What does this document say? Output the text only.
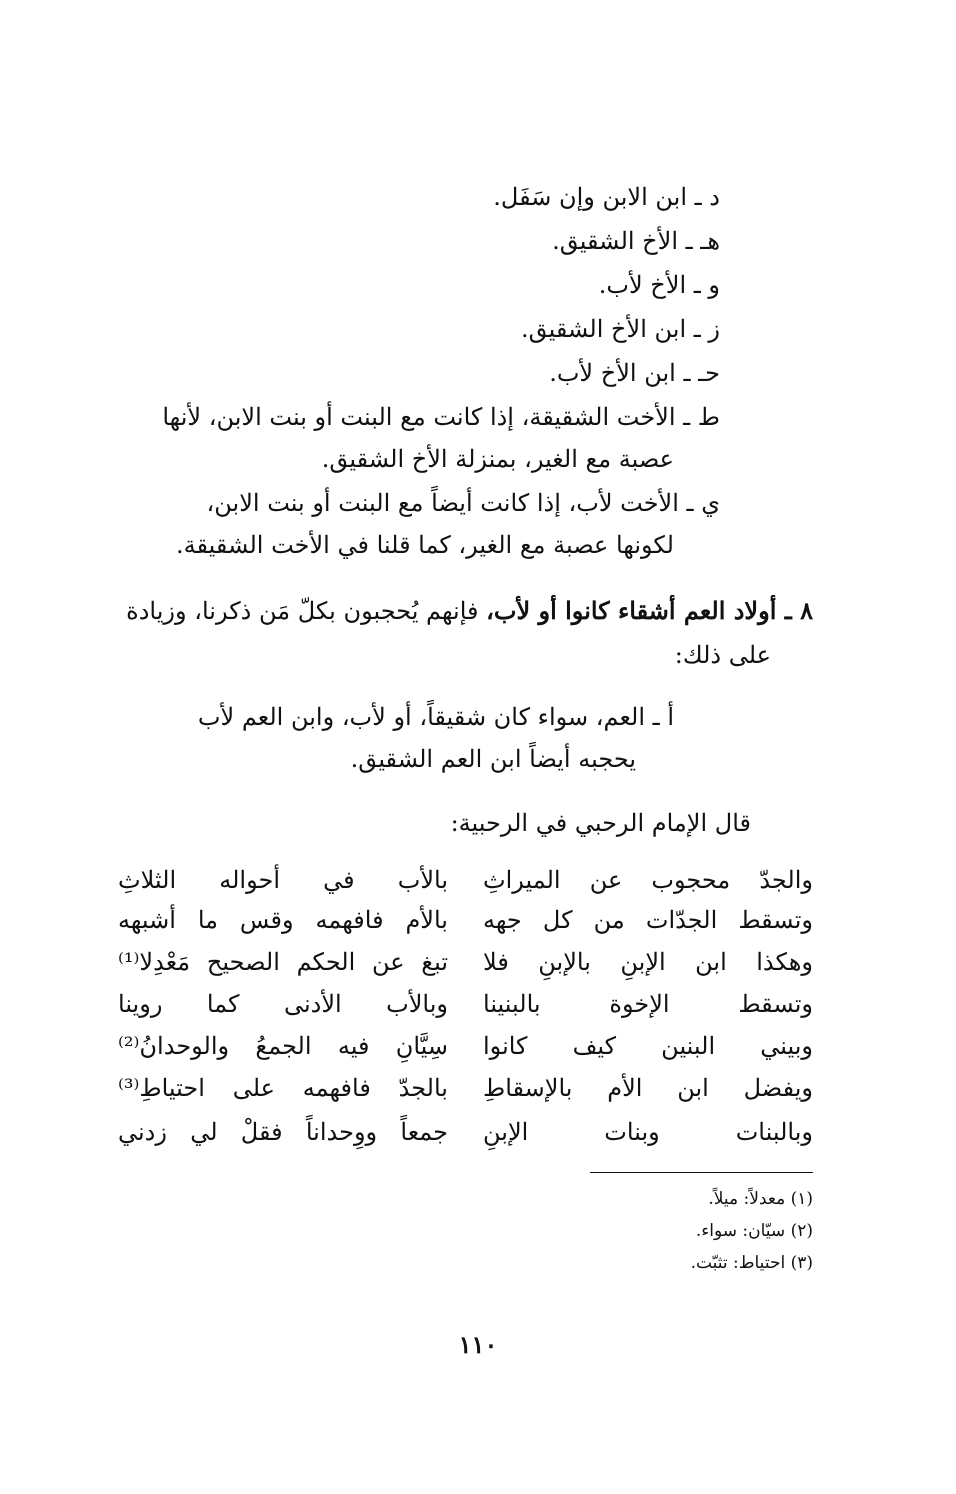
د ـ ابن الابن وإن سَفَل.
هـ ـ الأخ الشقيق.
و ـ الأخ لأب.
ز ـ ابن الأخ الشقيق.
حـ ـ ابن الأخ لأب.
ط ـ الأخت الشقيقة، إذا كانت مع البنت أو بنت الابن، لأنها
عصبة مع الغير، بمنزلة الأخ الشقيق.
ي ـ الأخت لأب، إذا كانت أيضاً مع البنت أو بنت الابن،
لكونها عصبة مع الغير، كما قلنا في الأخت الشقيقة.
٨ ـ أولاد العم أشقاء كانوا أو لأب، فإنهم يُحجبون بكلّ مَن ذكرنا، وزيادة
على ذلك:
أ ـ العم، سواء كان شقيقاً، أو لأب، وابن العم لأب
يحجبه أيضاً ابن العم الشقيق.
قال الإمام الرحبي في الرحبية:
والجدّ محجوب عن الميراثِ
بالأب في أحواله الثلاثِ
وتسقط الجدّات من كل جهه
بالأم فافهمه وقس ما أشبهه
وهكذا ابن الإبنِ بالإبنِ فلا
تبغ عن الحكم الصحيح مَعْدِلا⁽¹⁾
وتسقط الإخوة بالبنينا
وبالأب الأدنى كما روينا
وبيني البنين كيف كانوا
سِيَّانِ فيه الجمعُ والوحدانُ⁽²⁾
ويفضل ابن الأم بالإسقاطِ
بالجدّ فافهمه على احتياطِ⁽³⁾
وبالبنات وبنات الإبنِ
جمعاً ووِحداناً فقلْ لي زدني
(١) معدلاً: ميلاً.
(٢) سيّان: سواء.
(٣) احتياط: تثبّت.
١١٠
